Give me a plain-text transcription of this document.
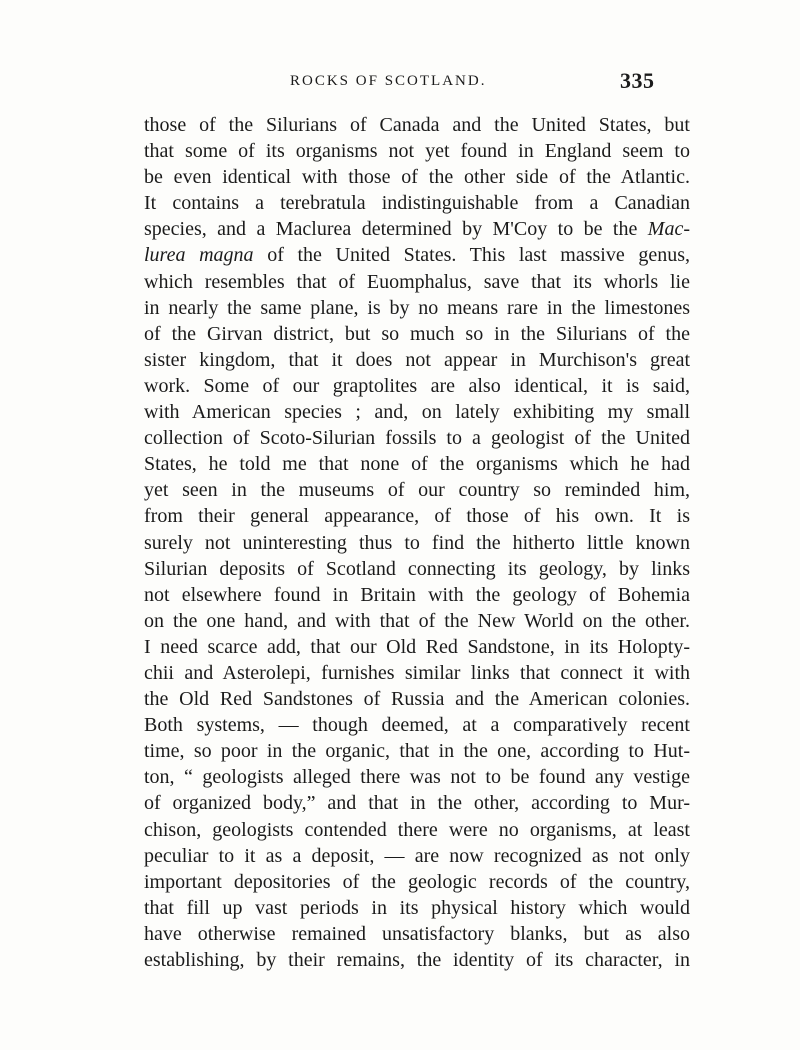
ROCKS OF SCOTLAND.	335
those of the Silurians of Canada and the United States, but
that some of its organisms not yet found in England seem to
be even identical with those of the other side of the Atlantic.
It contains a terebratula indistinguishable from a Canadian
species, and a Maclurea determined by M'Coy to be the Mac-
lurea magna of the United States. This last massive genus,
which resembles that of Euomphalus, save that its whorls lie
in nearly the same plane, is by no means rare in the limestones
of the Girvan district, but so much so in the Silurians of the
sister kingdom, that it does not appear in Murchison's great
work. Some of our graptolites are also identical, it is said,
with American species ; and, on lately exhibiting my small
collection of Scoto-Silurian fossils to a geologist of the United
States, he told me that none of the organisms which he had
yet seen in the museums of our country so reminded him,
from their general appearance, of those of his own. It is
surely not uninteresting thus to find the hitherto little known
Silurian deposits of Scotland connecting its geology, by links
not elsewhere found in Britain with the geology of Bohemia
on the one hand, and with that of the New World on the other.
I need scarce add, that our Old Red Sandstone, in its Holopty-
chii and Asterolepi, furnishes similar links that connect it with
the Old Red Sandstones of Russia and the American colonies.
Both systems, — though deemed, at a comparatively recent
time, so poor in the organic, that in the one, according to Hut-
ton, “ geologists alleged there was not to be found any vestige
of organized body,” and that in the other, according to Mur-
chison, geologists contended there were no organisms, at least
peculiar to it as a deposit, — are now recognized as not only
important depositories of the geologic records of the country,
that fill up vast periods in its physical history which would
have otherwise remained unsatisfactory blanks, but as also
establishing, by their remains, the identity of its character, in
